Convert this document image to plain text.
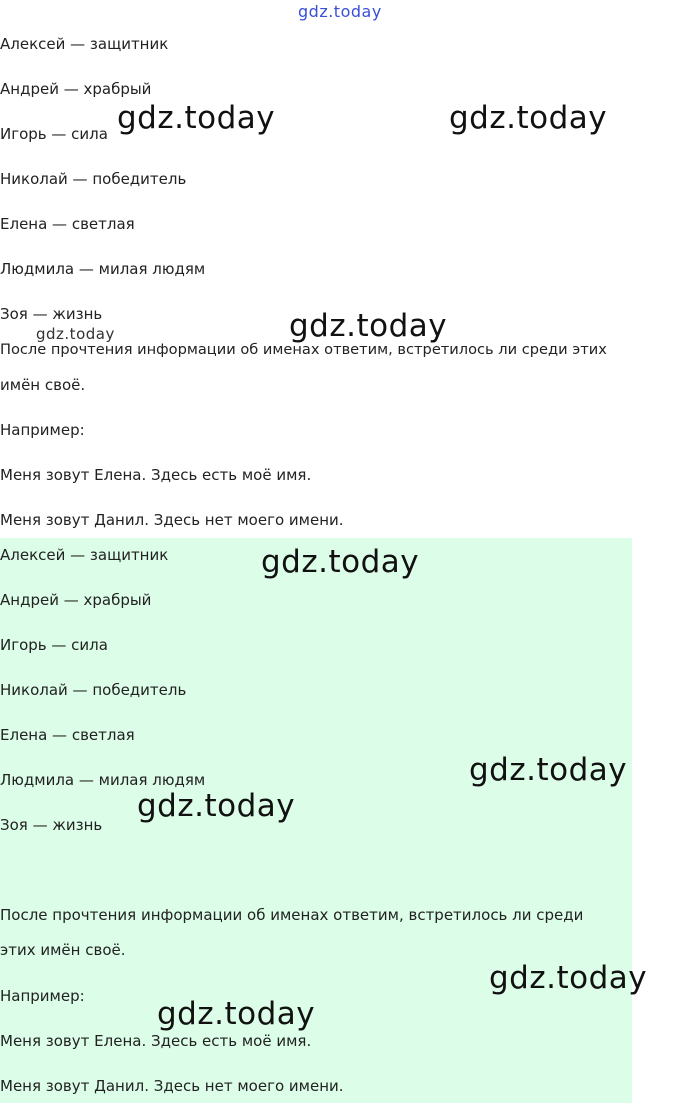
gdz.today
Алексей — защитник
Андрей — храбрый
Игорь — сила
Николай — победитель
Елена — светлая
Людмила — милая людям
Зоя — жизнь
После прочтения информации об именах ответим, встретилось ли среди этих
имён своё.
Например:
Меня зовут Елена. Здесь есть моё имя.
Меня зовут Данил. Здесь нет моего имени.
Алексей — защитник
Андрей — храбрый
Игорь — сила
Николай — победитель
Елена — светлая
Людмила — милая людям
Зоя — жизнь
После прочтения информации об именах ответим, встретилось ли среди
этих имён своё.
Например:
Меня зовут Елена. Здесь есть моё имя.
Меня зовут Данил. Здесь нет моего имени.
gdz.today	gdz.today
gdz.today	gdz.today
gdz.today
gdz.today
gdz.today
gdz.today
gdz.today
